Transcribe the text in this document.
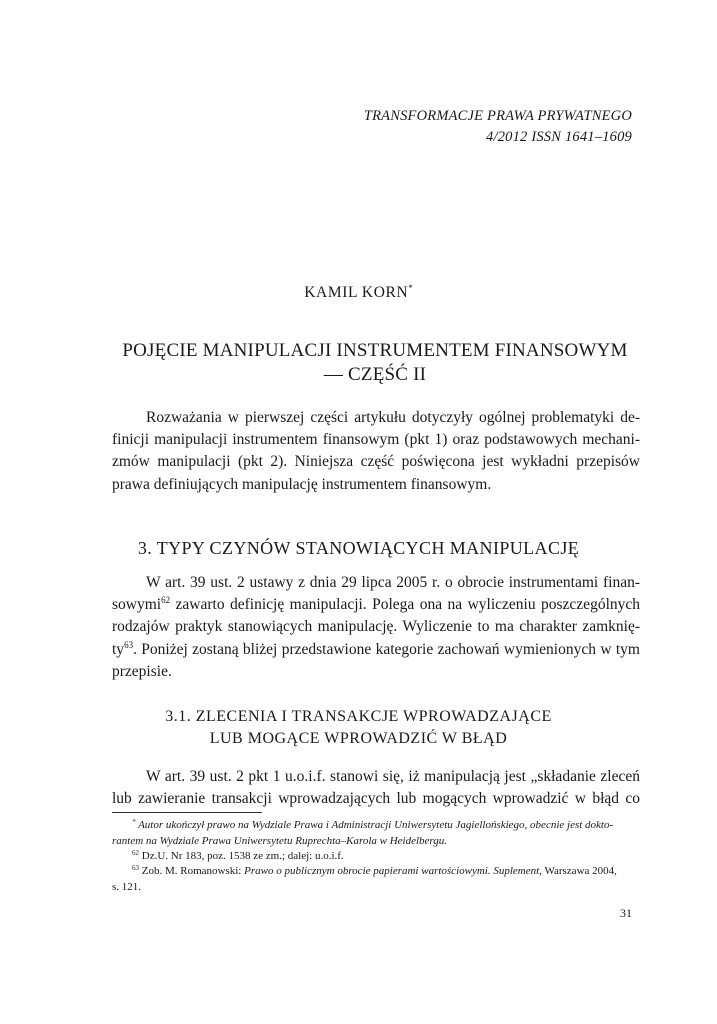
TRANSFORMACJE PRAWA PRYWATNEGO
4/2012 ISSN 1641–1609
KAMIL KORN*
POJĘCIE MANIPULACJI INSTRUMENTEM FINANSOWYM
— CZĘŚĆ II
Rozważania w pierwszej części artykułu dotyczyły ogólnej problematyki de-
finicji manipulacji instrumentem finansowym (pkt 1) oraz podstawowych mechani-
zmów manipulacji (pkt 2). Niniejsza część poświęcona jest wykładni przepisów
prawa definiujących manipulację instrumentem finansowym.
3. TYPY CZYNÓW STANOWIĄCYCH MANIPULACJĘ
W art. 39 ust. 2 ustawy z dnia 29 lipca 2005 r. o obrocie instrumentami finan-
sowymi$^{62}$ zawarto definicję manipulacji. Polega ona na wyliczeniu poszczególnych
rodzajów praktyk stanowiących manipulację. Wyliczenie to ma charakter zamknię-
$ty^{63}$. Poniżej zostaną bliżej przedstawione kategorie zachowań wymienionych w tym
przepisie.
3.1. ZLECENIA I TRANSAKCJE WPROWADZAJĄCE
LUB MOGĄCE WPROWADZIĆ W BŁĄD
W art. 39 ust. 2 pkt 1 u.o.i.f. stanowi się, iż manipulacją jest „składanie zleceń
lub zawieranie transakcji wprowadzających lub mogących wprowadzić w błąd co
* Autor ukończył prawo na Wydziale Prawa i Administracji Uniwersytetu Jagiellońskiego, obecnie jest dokto-
rantem na Wydziale Prawa Uniwersytetu Ruprechta–Karola w Heidelbergu.
$^{62}$ Dz.U. Nr 183, poz. 1538 ze zm.; dalej: u.o.i.f.
$^{63}$ Zob. M. Romanowski: Prawo o publicznym obrocie papierami wartościowymi. Suplement, Warszawa 2004,
s. 121.
31
